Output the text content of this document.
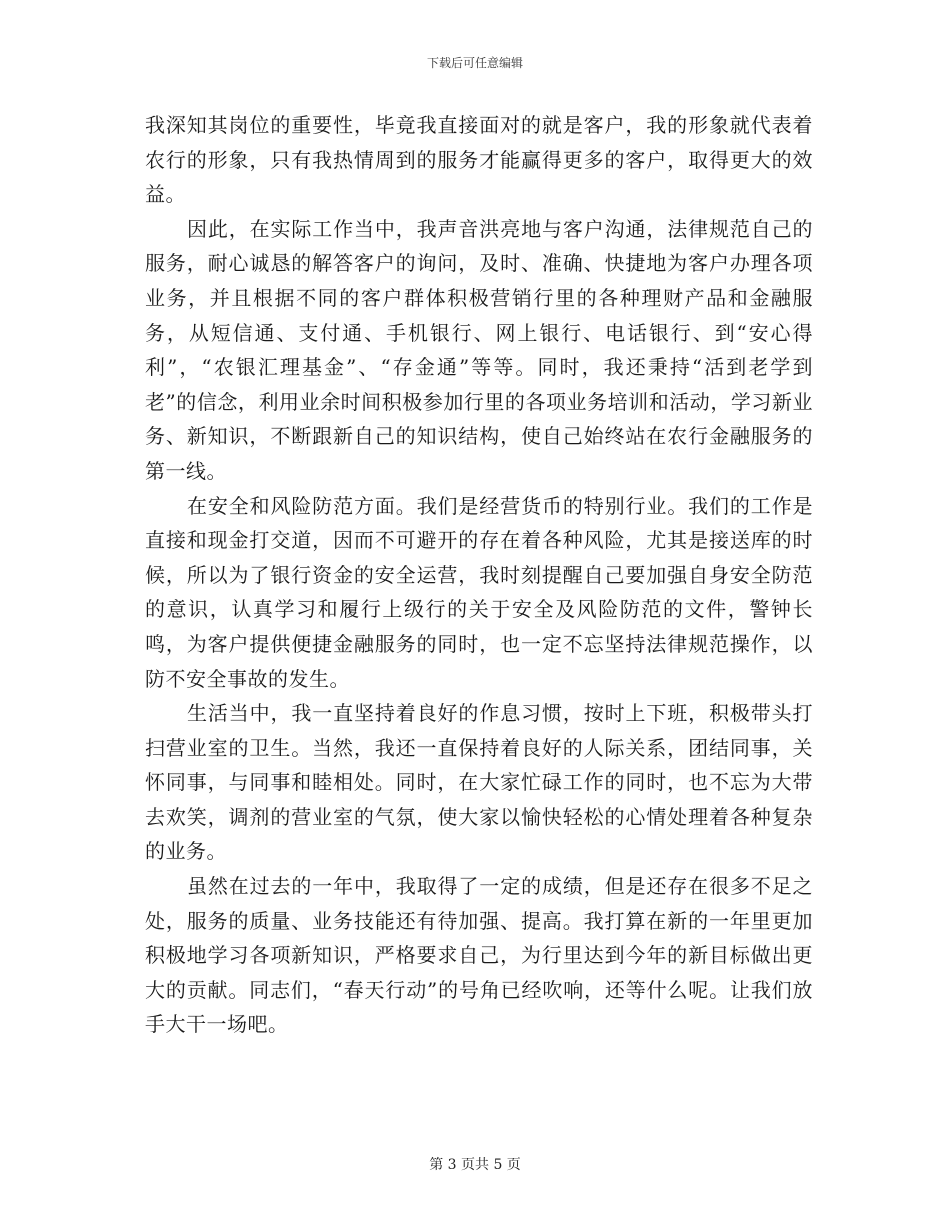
下载后可任意编辑

我深知其岗位的重要性，毕竟我直接面对的就是客户，我的形象就代表着农行的形象，只有我热情周到的服务才能赢得更多的客户，取得更大的效益。

因此，在实际工作当中，我声音洪亮地与客户沟通，法律规范自己的服务，耐心诚恳的解答客户的询问，及时、准确、快捷地为客户办理各项业务，并且根据不同的客户群体积极营销行里的各种理财产品和金融服务，从短信通、支付通、手机银行、网上银行、电话银行、到“安心得利”，“农银汇理基金”、“存金通”等等。同时，我还秉持“活到老学到老”的信念，利用业余时间积极参加行里的各项业务培训和活动，学习新业务、新知识，不断跟新自己的知识结构，使自己始终站在农行金融服务的第一线。

在安全和风险防范方面。我们是经营货币的特别行业。我们的工作是直接和现金打交道，因而不可避开的存在着各种风险，尤其是接送库的时候，所以为了银行资金的安全运营，我时刻提醒自己要加强自身安全防范的意识，认真学习和履行上级行的关于安全及风险防范的文件，警钟长鸣，为客户提供便捷金融服务的同时，也一定不忘坚持法律规范操作，以防不安全事故的发生。

生活当中，我一直坚持着良好的作息习惯，按时上下班，积极带头打扫营业室的卫生。当然，我还一直保持着良好的人际关系，团结同事，关怀同事，与同事和睦相处。同时，在大家忙碌工作的同时，也不忘为大带去欢笑，调剂的营业室的气氛，使大家以愉快轻松的心情处理着各种复杂的业务。

虽然在过去的一年中，我取得了一定的成绩，但是还存在很多不足之处，服务的质量、业务技能还有待加强、提高。我打算在新的一年里更加积极地学习各项新知识，严格要求自己，为行里达到今年的新目标做出更大的贡献。同志们，“春天行动”的号角已经吹响，还等什么呢。让我们放手大干一场吧。

第 3 页共 5 页
